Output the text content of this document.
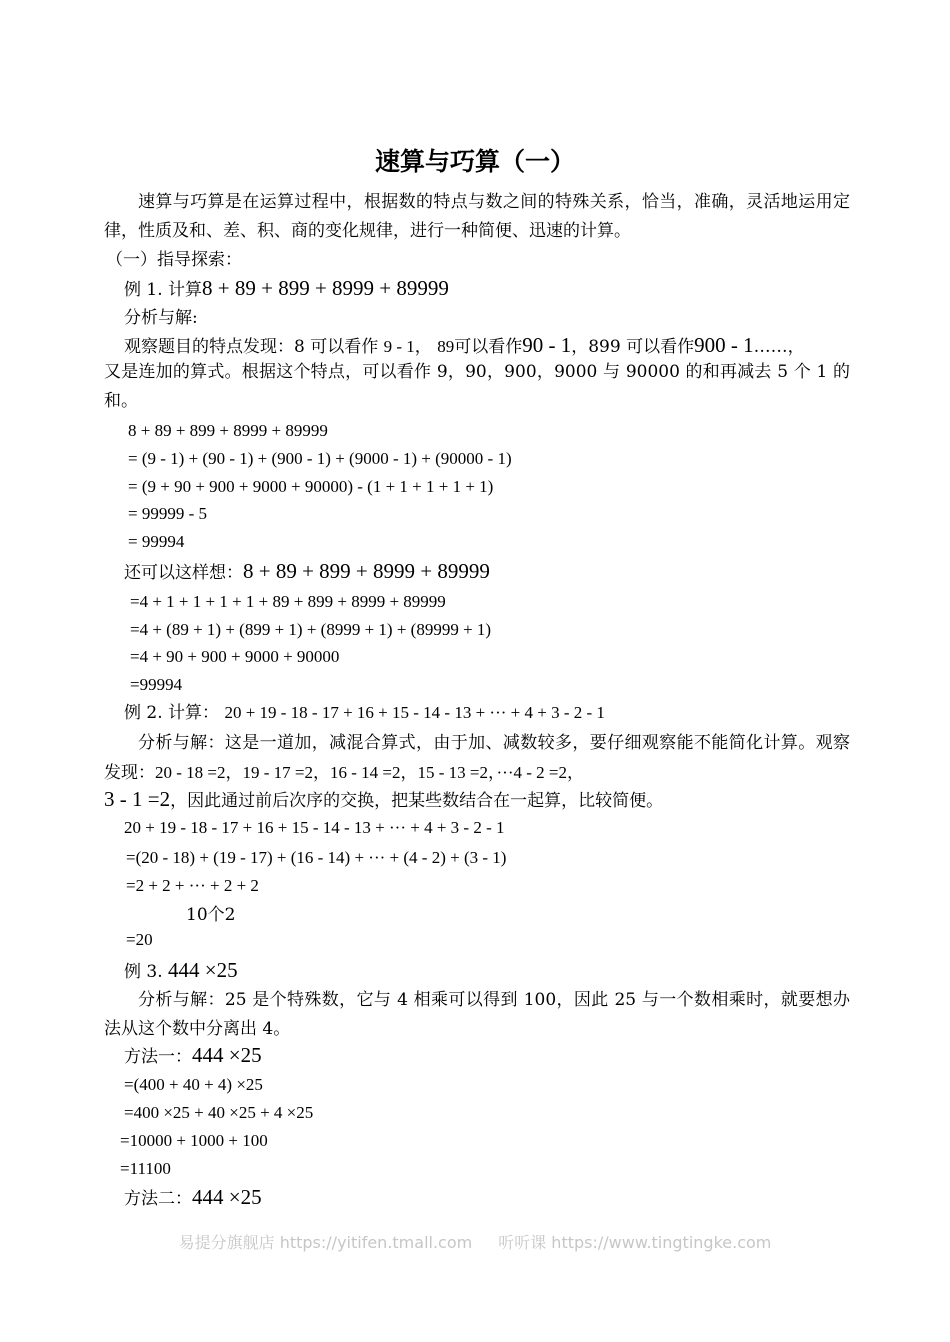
速算与巧算（一）
速算与巧算是在运算过程中，根据数的特点与数之间的特殊关系，恰当，准确，灵活地运用定律，性质及和、差、积、商的变化规律，进行一种简便、迅速的计算。
（一）指导探索：
例 1. 计算8 + 89 + 899 + 8999 + 89999
分析与解:
观察题目的特点发现：8 可以看作 9 - 1， 89可以看作90 - 1，899 可以看作900 - 1……，
又是连加的算式。根据这个特点，可以看作 9，90，900，9000 与 90000 的和再减去 5 个 1 的和。
8 + 89 + 899 + 8999 + 89999
= (9 - 1) + (90 - 1) + (900 - 1) + (9000 - 1) + (90000 - 1)
= (9 + 90 + 900 + 9000 + 90000) - (1 + 1 + 1 + 1 + 1)
= 99999 - 5
= 99994
还可以这样想：8 + 89 + 899 + 8999 + 89999
=4 + 1 + 1 + 1 + 1 + 89 + 899 + 8999 + 89999
=4 + (89 + 1) + (899 + 1) + (8999 + 1) + (89999 + 1)
=4 + 90 + 900 + 9000 + 90000
=99994
例 2. 计算： 20 + 19 - 18 - 17 + 16 + 15 - 14 - 13 + ··· + 4 + 3 - 2 - 1
分析与解：这是一道加，减混合算式，由于加、减数较多，要仔细观察能不能简化计算。观察发现：20 - 18 =2，19 - 17 =2，16 - 14 =2，15 - 13 =2，···4 - 2 =2，
3 - 1 =2，因此通过前后次序的交换，把某些数结合在一起算，比较简便。
20 + 19 - 18 - 17 + 16 + 15 - 14 - 13 + ··· + 4 + 3 - 2 - 1
=(20 - 18) + (19 - 17) + (16 - 14) + ··· + (4 - 2) + (3 - 1)
=2 + 2 + ··· + 2 + 2
10个2
=20
例 3. 444 ×25
分析与解：25 是个特殊数，它与 4 相乘可以得到 100，因此 25 与一个数相乘时，就要想办法从这个数中分离出 4。
方法一：444 ×25
=(400 + 40 + 4) ×25
=400 ×25 + 40 ×25 + 4 ×25
=10000 + 1000 + 100
=11100
方法二：444 ×25
易提分旗舰店 https://yitifen.tmall.com 听听课 https://www.tingtingke.com
